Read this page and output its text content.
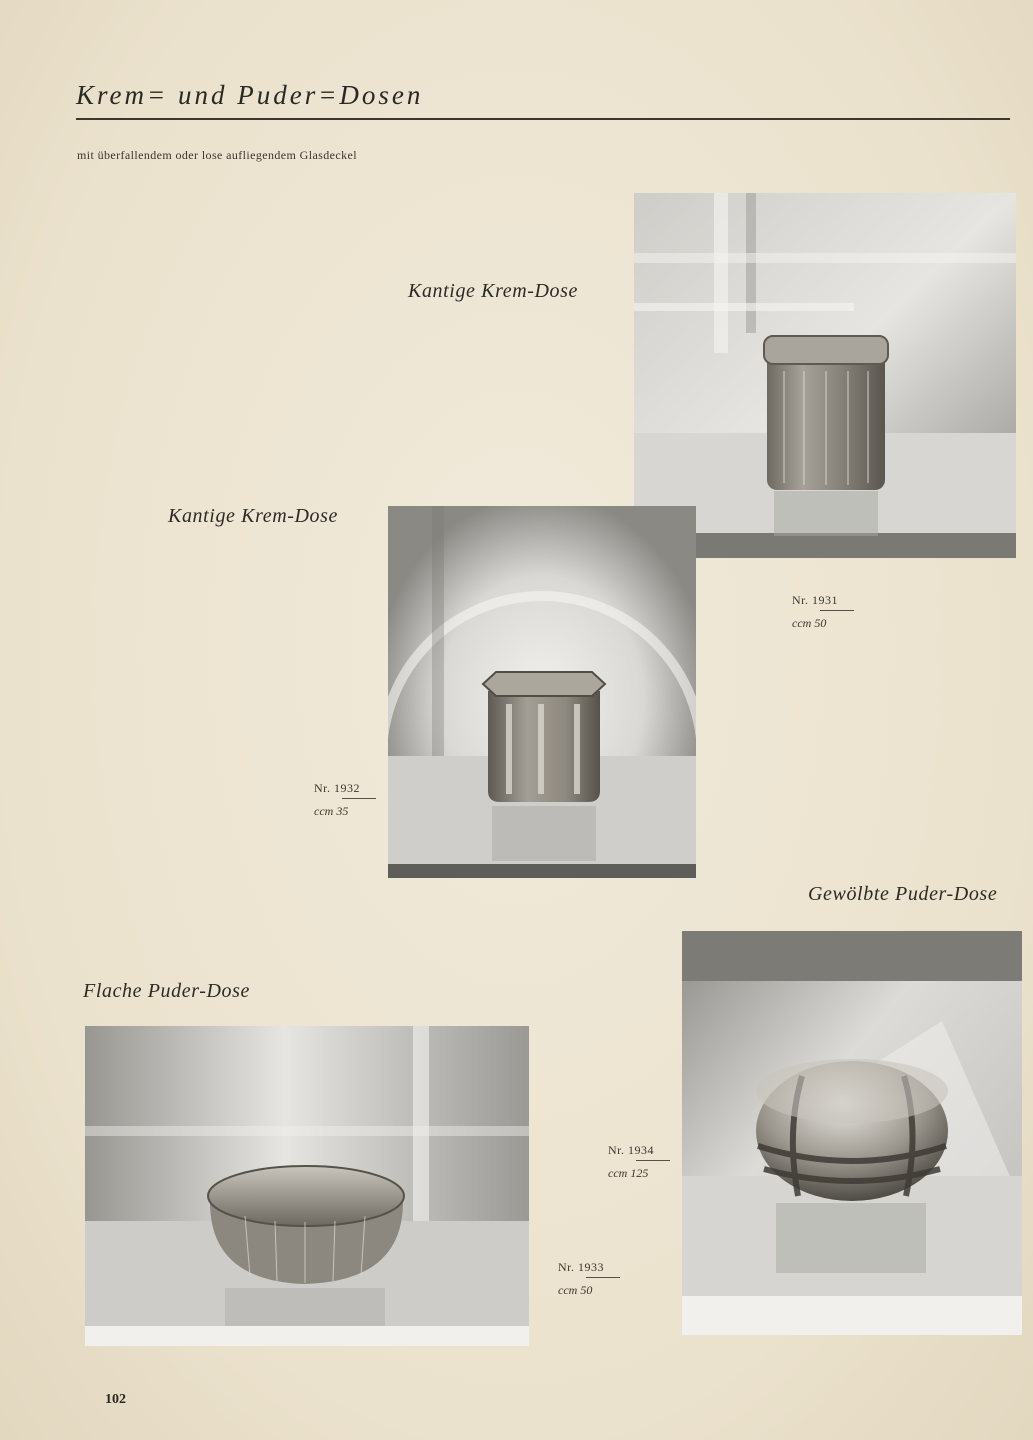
Krem= und Puder=Dosen
mit überfallendem oder lose aufliegendem Glasdeckel
Kantige Krem-Dose
Nr. 1931
ccm 50
Kantige Krem-Dose
Nr. 1932
ccm 35
Gewölbte Puder-Dose
Nr. 1934
ccm 125
Flache Puder-Dose
Nr. 1933
ccm 50
102
